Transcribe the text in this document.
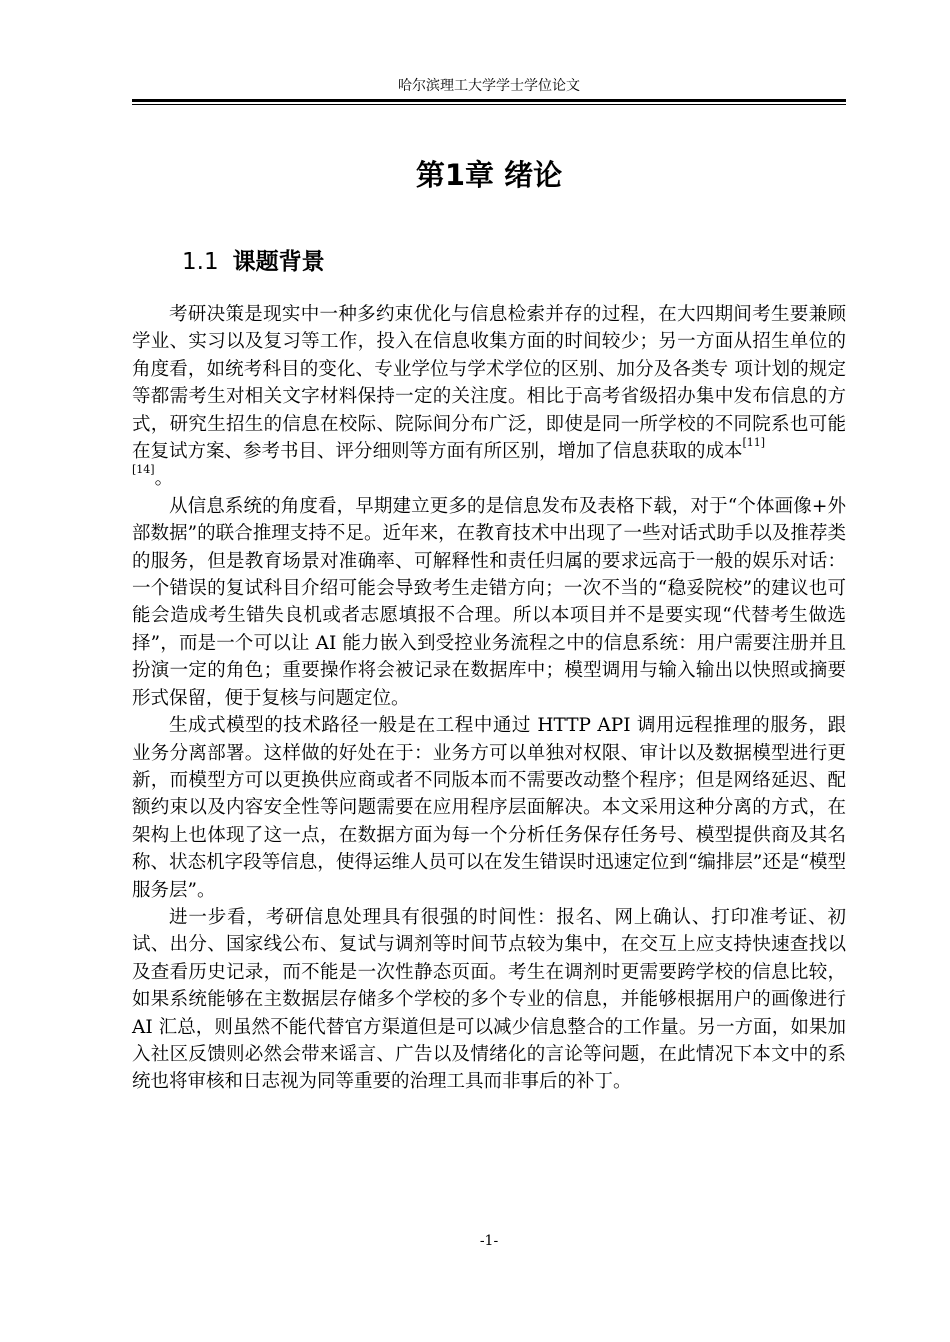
哈尔滨理工大学学士学位论文
第1章 绪论
1.1 课题背景

考研决策是现实中一种多约束优化与信息检索并存的过程，在大四期间考生要兼顾学业、实习以及复习等工作，投入在信息收集方面的时间较少；另一方面从招生单位的角度看，如统考科目的变化、专业学位与学术学位的区别、加分及各类专 项计划的规定等都需考生对相关文字材料保持一定的关注度。相比于高考省级招办集中发布信息的方式，研究生招生的信息在校际、院际间分布广泛，即使是同一所学校的不同院系也可能在复试方案、参考书目、评分细则等方面有所区别，增加了信息获取的成本[11]
[14]。

从信息系统的角度看，早期建立更多的是信息发布及表格下载，对于“个体画像+外部数据”的联合推理支持不足。近年来，在教育技术中出现了一些对话式助手以及推荐类的服务，但是教育场景对准确率、可解释性和责任归属的要求远高于一般的娱乐对话：一个错误的复试科目介绍可能会导致考生走错方向；一次不当的“稳妥院校”的建议也可能会造成考生错失良机或者志愿填报不合理。所以本项目并不是要实现“代替考生做选择”，而是一个可以让 AI 能力嵌入到受控业务流程之中的信息系统：用户需要注册并且扮演一定的角色；重要操作将会被记录在数据库中；模型调用与输入输出以快照或摘要形式保留，便于复核与问题定位。

生成式模型的技术路径一般是在工程中通过 HTTP API 调用远程推理的服务，跟业务分离部署。这样做的好处在于：业务方可以单独对权限、审计以及数据模型进行更新，而模型方可以更换供应商或者不同版本而不需要改动整个程序；但是网络延迟、配额约束以及内容安全性等问题需要在应用程序层面解决。本文采用这种分离的方式，在架构上也体现了这一点，在数据方面为每一个分析任务保存任务号、模型提供商及其名称、状态机字段等信息，使得运维人员可以在发生错误时迅速定位到“编排层”还是“模型服务层”。

进一步看，考研信息处理具有很强的时间性：报名、网上确认、打印准考证、初试、出分、国家线公布、复试与调剂等时间节点较为集中，在交互上应支持快速查找以及查看历史记录，而不能是一次性静态页面。考生在调剂时更需要跨学校的信息比较，如果系统能够在主数据层存储多个学校的多个专业的信息，并能够根据用户的画像进行 AI 汇总，则虽然不能代替官方渠道但是可以减少信息整合的工作量。另一方面，如果加入社区反馈则必然会带来谣言、广告以及情绪化的言论等问题，在此情况下本文中的系统也将审核和日志视为同等重要的治理工具而非事后的补丁。

-1-
